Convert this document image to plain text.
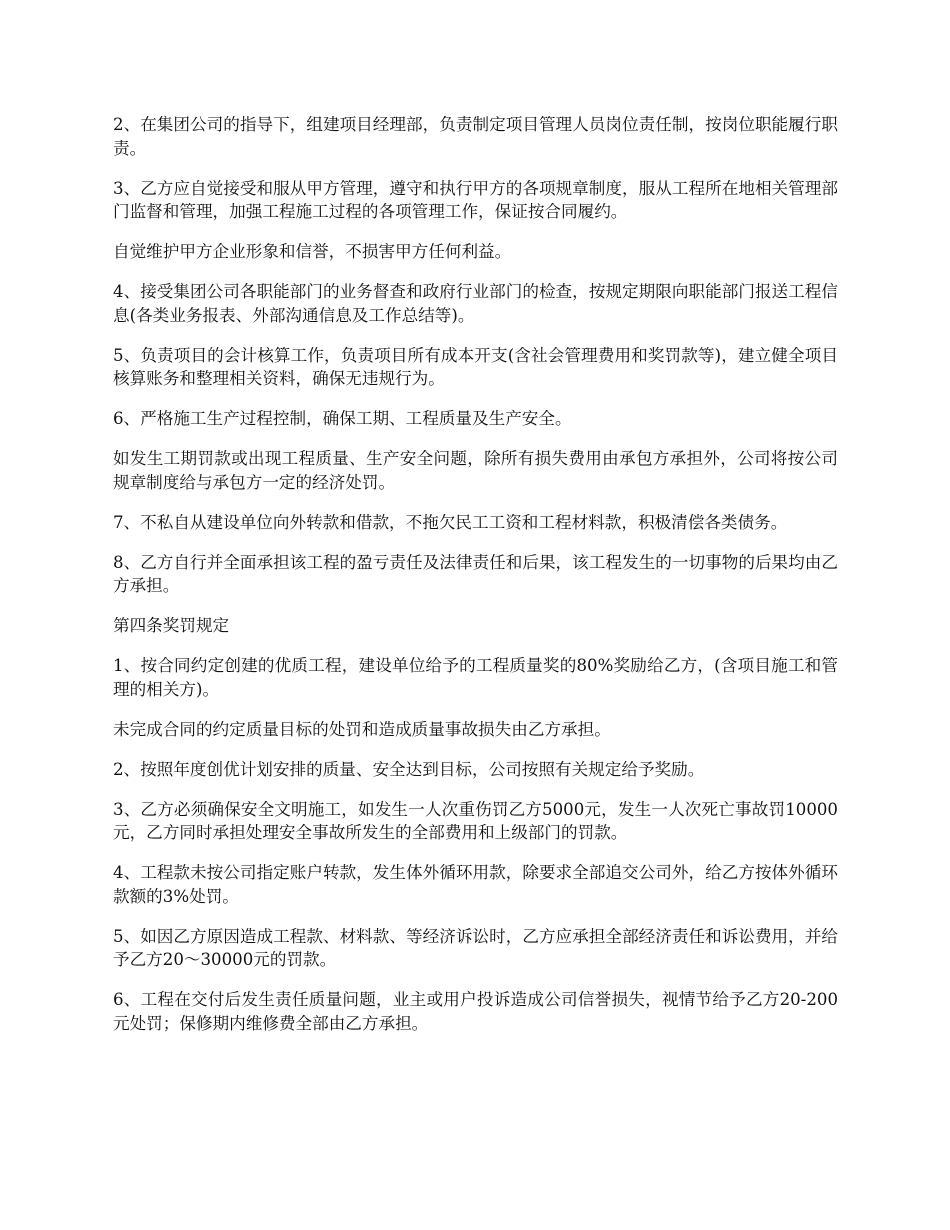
2、在集团公司的指导下，组建项目经理部，负责制定项目管理人员岗位责任制，按岗位职能履行职责。

3、乙方应自觉接受和服从甲方管理，遵守和执行甲方的各项规章制度，服从工程所在地相关管理部门监督和管理，加强工程施工过程的各项管理工作，保证按合同履约。

自觉维护甲方企业形象和信誉，不损害甲方任何利益。

4、接受集团公司各职能部门的业务督查和政府行业部门的检查，按规定期限向职能部门报送工程信息(各类业务报表、外部沟通信息及工作总结等)。

5、负责项目的会计核算工作，负责项目所有成本开支(含社会管理费用和奖罚款等)，建立健全项目核算账务和整理相关资料，确保无违规行为。

6、严格施工生产过程控制，确保工期、工程质量及生产安全。

如发生工期罚款或出现工程质量、生产安全问题，除所有损失费用由承包方承担外，公司将按公司规章制度给与承包方一定的经济处罚。

7、不私自从建设单位向外转款和借款，不拖欠民工工资和工程材料款，积极清偿各类债务。

8、乙方自行并全面承担该工程的盈亏责任及法律责任和后果，该工程发生的一切事物的后果均由乙方承担。

第四条奖罚规定

1、按合同约定创建的优质工程，建设单位给予的工程质量奖的80%奖励给乙方，(含项目施工和管理的相关方)。

未完成合同的约定质量目标的处罚和造成质量事故损失由乙方承担。

2、按照年度创优计划安排的质量、安全达到目标，公司按照有关规定给予奖励。

3、乙方必须确保安全文明施工，如发生一人次重伤罚乙方5000元，发生一人次死亡事故罚10000元，乙方同时承担处理安全事故所发生的全部费用和上级部门的罚款。

4、工程款未按公司指定账户转款，发生体外循环用款，除要求全部追交公司外，给乙方按体外循环款额的3%处罚。

5、如因乙方原因造成工程款、材料款、等经济诉讼时，乙方应承担全部经济责任和诉讼费用，并给予乙方20～30000元的罚款。

6、工程在交付后发生责任质量问题，业主或用户投诉造成公司信誉损失，视情节给予乙方20-200元处罚；保修期内维修费全部由乙方承担。
